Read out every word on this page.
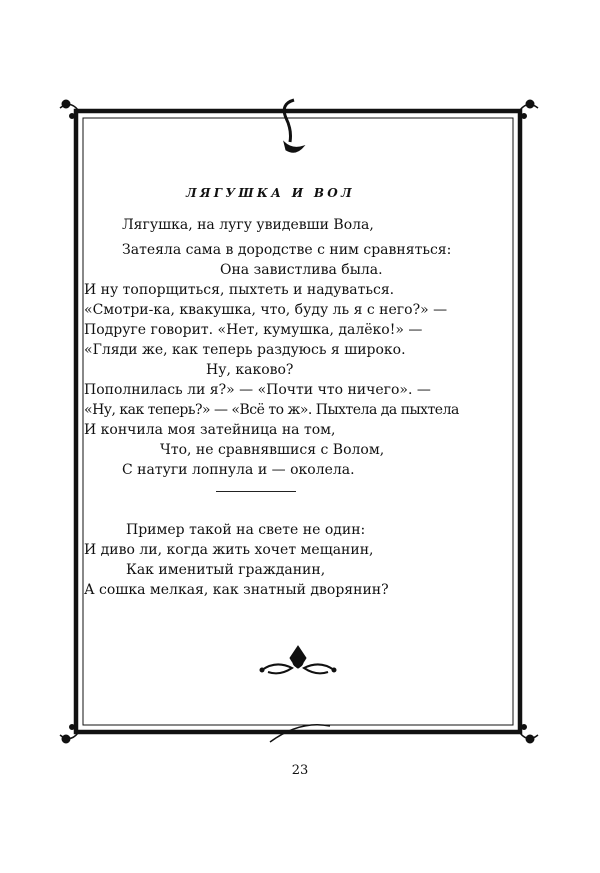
ЛЯГУШКА И ВОЛ
Лягушка, на лугу увидевши Вола,
Затеяла сама в дородстве с ним сравняться:
Она завистлива была.
И ну топорщиться, пыхтеть и надуваться.
«Смотри-ка, квакушка, что, буду ль я с него?» —
Подруге говорит. «Нет, кумушка, далёко!» —
«Гляди же, как теперь раздуюсь я широко.
Ну, каково?
Пополнилась ли я?» — «Почти что ничего». —
«Ну, как теперь?» — «Всё то ж». Пыхтела да пыхтела
И кончила моя затейница на том,
Что, не сравнявшися с Волом,
С натуги лопнула и — околела.
Пример такой на свете не один:
И диво ли, когда жить хочет мещанин,
Как именитый гражданин,
А сошка мелкая, как знатный дворянин?
23
